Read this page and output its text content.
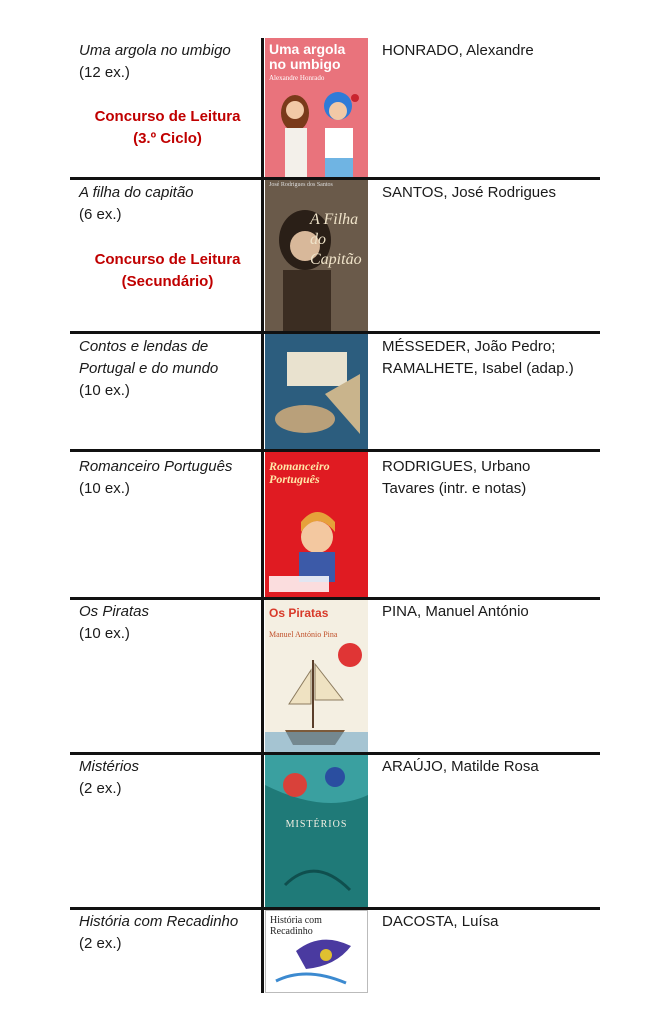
Uma argola no umbigo
(12 ex.)
Concurso de Leitura
(3.º Ciclo)
Uma argola no umbigo
Alexandre Honrado
HONRADO, Alexandre
A filha do capitão
(6 ex.)
Concurso de Leitura
(Secundário)
José Rodrigues dos Santos
A Filha do Capitão
SANTOS, José Rodrigues
Contos e lendas de Portugal e do mundo
(10 ex.)
MÉSSEDER, João Pedro;
RAMALHETE, Isabel (adap.)
Romanceiro Português
(10 ex.)
Romanceiro Português
RODRIGUES, Urbano
Tavares (intr. e notas)
Os Piratas
(10 ex.)
Os Piratas
Manuel António Pina
PINA, Manuel António
Mistérios
(2 ex.)
MISTÉRIOS
ARAÚJO, Matilde Rosa
História com Recadinho
(2 ex.)
História com Recadinho
DACOSTA, Luísa
